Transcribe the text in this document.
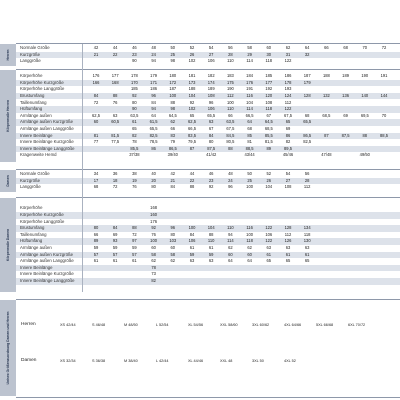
Herren
Normale Größe	42	44	46	48	50	52	54	56	58	60	62	64	66	68	70	72
Kurzgröße	21	22	23	24	25	26	27	28	29	30	31	32
Langgröße	90	94	98	102	106	110	114	118	122
Körpermaße Herren
Körperhöhe	176	177	178	179	180	181	182	183	184	185	186	187	188	189	190	191
Körperhöhe Kurzgröße	166	168	170	171	172	173	174	175	176	177	178	179
Körperhöhe Langgröße	185	186	187	188	189	190	191	192	193
Brustumfang	84	88	92	96	100	104	108	112	116	120	124	128	132	136	140	144
Taillenumfang	72	76	80	84	88	92	96	100	104	108	112
Hüftumfang	90	94	98	102	106	110	114	118	122
Armlänge außen	62,5	63	63,5	64	64,5	65	65,5	66	66,5	67	67,5	68	68,5	69	69,5	70
Armlänge außen Kurzgröße	60	60,5	61	61,5	62	62,5	63	63,5	64	64,5	65	65,5
Armlänge außen Langgröße	65	65,5	66	66,5	67	67,5	68	68,5	69
Innere Beinlänge	81	81,5	82	82,5	83	83,5	84	84,5	85	85,5	86	86,5	87	87,5	88	88,5
Innere Beinlänge Kurzgröße	77	77,5	78	78,5	79	79,5	80	80,5	81	81,5	82	82,5
Innere Beinlänge Langgröße	85,5	86	86,5	87	87,5	88	88,5	89	89,5
Kragenweite Hemd	37/38	39/40	41/42	43/44	45/46	47/48	49/50
Damen
Normale Größe	34	36	38	40	42	44	46	48	50	52	54	56
Kurzgröße	17	18	19	20	21	22	23	24	25	26	27	28
Langgröße	68	72	76	80	84	88	92	96	100	104	108	112
Körpermaße Damen
Körperhöhe	168
Körperhöhe Kurzgröße	160
Körperhöhe Langgröße	176
Brustumfang	80	84	88	92	96	100	104	110	116	122	128	134
Taillenumfang	66	69	72	76	80	84	88	94	100	106	112	118
Hüftumfang	89	93	97	100	103	106	110	114	118	122	126	130
Armlänge außen	59	59	59	60	60	61	61	62	62	63	63	63
Armlänge außen Kurzgröße	57	57	57	58	58	59	59	60	60	61	61	61
Armlänge außen Langgröße	61	61	61	62	62	63	63	64	64	65	65	65
Innere Beinlänge	78
Innere Beinlänge Kurzgröße	73
Innere Beinlänge Langgröße	82
Unisex Größenzuordnung Damen und Herren Herren	XS 42/44	S 46/48	M 48/50	L 52/54	XL 54/56	XXL 58/60	3XL 60/62	4XL 64/66	5XL 66/68	6XL 70/72
Damen	XS 32/34	S 36/38	M 38/40	L 42/44	XL 44/46	XXL 48	3XL 50	4XL 52
